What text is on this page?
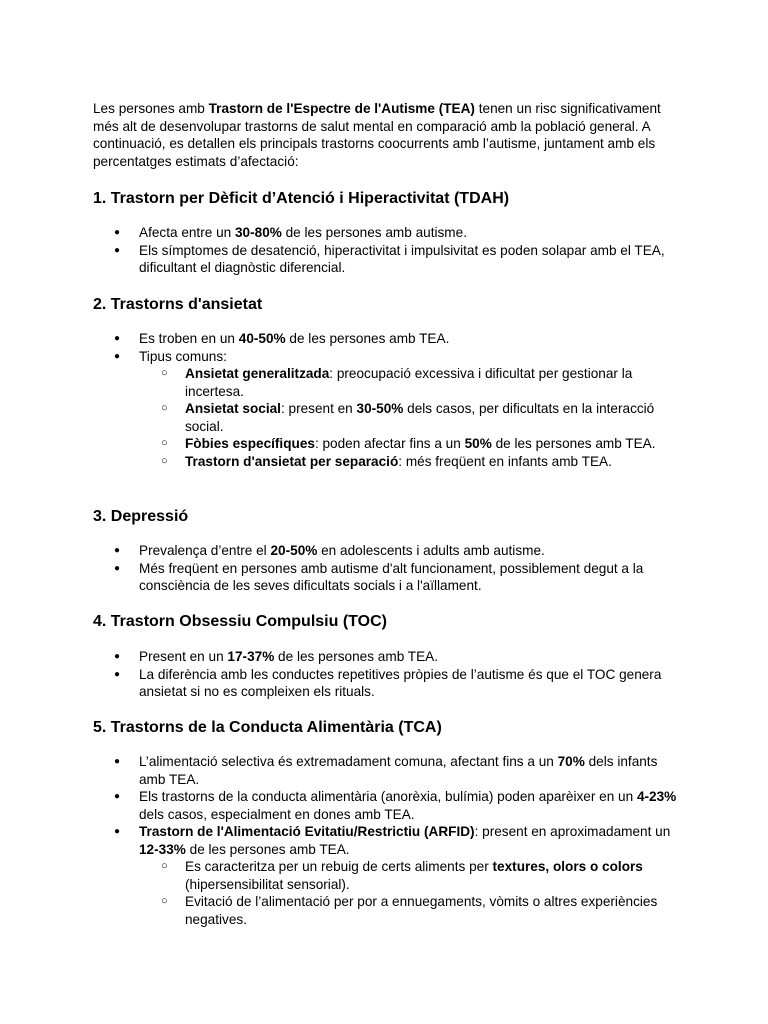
Les persones amb Trastorn de l'Espectre de l'Autisme (TEA) tenen un risc significativament més alt de desenvolupar trastorns de salut mental en comparació amb la població general. A continuació, es detallen els principals trastorns coocurrents amb l’autisme, juntament amb els percentatges estimats d’afectació:

1. Trastorn per Dèficit d’Atenció i Hiperactivitat (TDAH)
● Afecta entre un 30-80% de les persones amb autisme.
● Els símptomes de desatenció, hiperactivitat i impulsivitat es poden solapar amb el TEA, dificultant el diagnòstic diferencial.
2. Trastorns d'ansietat
● Es troben en un 40-50% de les persones amb TEA.
● Tipus comuns:
○ Ansietat generalitzada: preocupació excessiva i dificultat per gestionar la incertesa.
○ Ansietat social: present en 30-50% dels casos, per dificultats en la interacció social.
○ Fòbies específiques: poden afectar fins a un 50% de les persones amb TEA.
○ Trastorn d'ansietat per separació: més freqüent en infants amb TEA.
3. Depressió
● Prevalença d’entre el 20-50% en adolescents i adults amb autisme.
● Més freqüent en persones amb autisme d'alt funcionament, possiblement degut a la consciència de les seves dificultats socials i a l'aïllament.
4. Trastorn Obsessiu Compulsiu (TOC)
● Present en un 17-37% de les persones amb TEA.
● La diferència amb les conductes repetitives pròpies de l’autisme és que el TOC genera ansietat si no es compleixen els rituals.
5. Trastorns de la Conducta Alimentària (TCA)
● L’alimentació selectiva és extremadament comuna, afectant fins a un 70% dels infants amb TEA.
● Els trastorns de la conducta alimentària (anorèxia, bulímia) poden aparèixer en un 4-23% dels casos, especialment en dones amb TEA.
● Trastorn de l'Alimentació Evitatiu/Restrictiu (ARFID): present en aproximadament un 12-33% de les persones amb TEA.
○ Es caracteritza per un rebuig de certs aliments per textures, olors o colors (hipersensibilitat sensorial).
○ Evitació de l’alimentació per por a ennuegaments, vòmits o altres experiències negatives.
